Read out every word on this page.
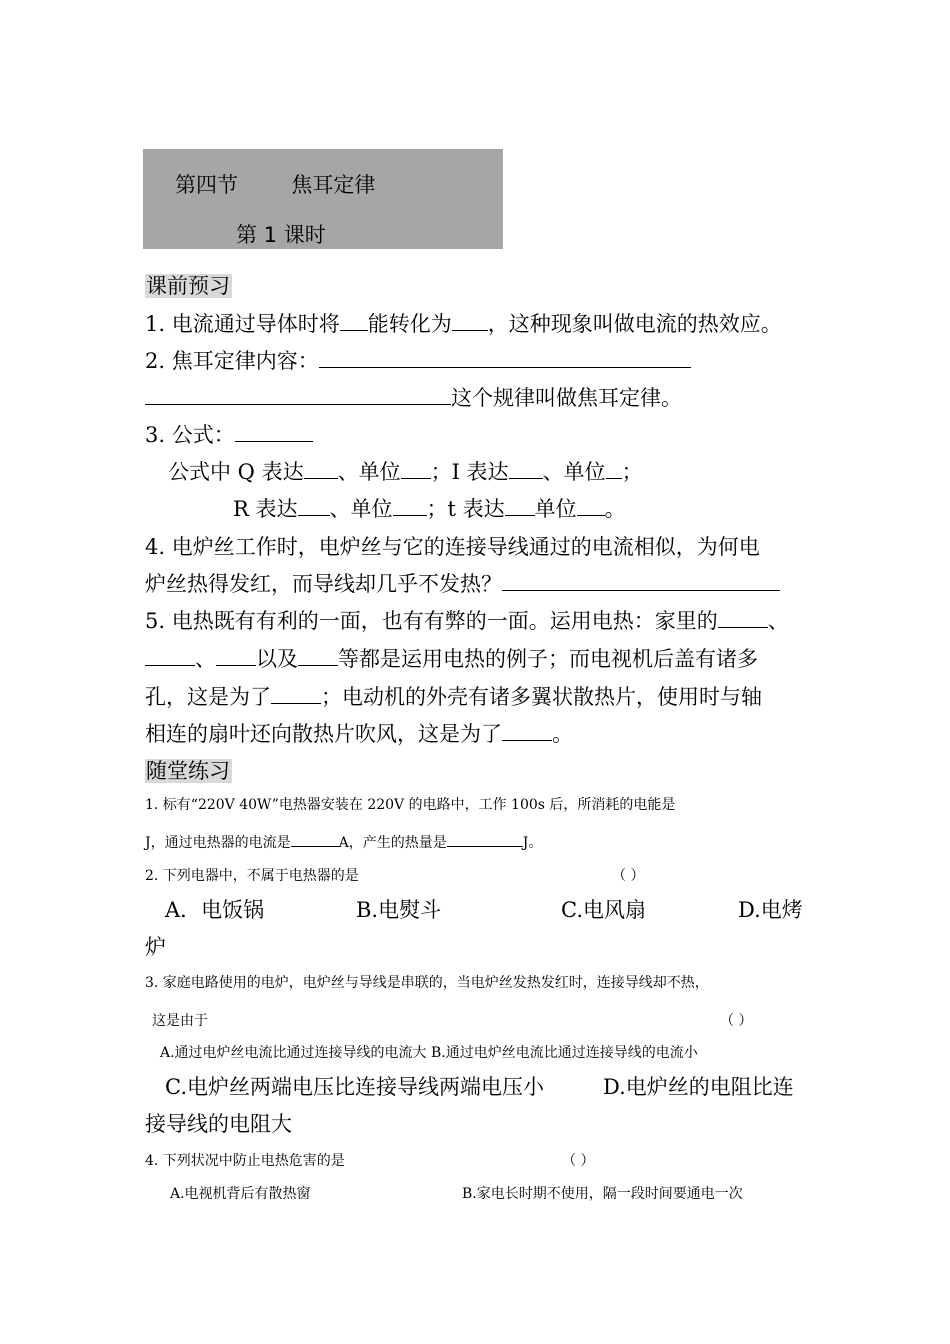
第四节        焦耳定律
第 1 课时
课前预习
1. 电流通过导体时将 能转化为 ，这种现象叫做电流的热效应。
2. 焦耳定律内容：
这个规律叫做焦耳定律。
3. 公式：
公式中 Q 表达 、单位 ；I 表达 、单位 ；
R 表达 、单位 ；t 表达 单位 。
4. 电炉丝工作时，电炉丝与它的连接导线通过的电流相似，为何电
炉丝热得发红，而导线却几乎不发热？
5. 电热既有有利的一面，也有有弊的一面。运用电热：家里的 、
、 以及 等都是运用电热的例子；而电视机后盖有诸多
孔，这是为了 ；电动机的外壳有诸多翼状散热片，使用时与轴
相连的扇叶还向散热片吹风，这是为了 。
随堂练习
1. 标有“220V 40W”电热器安装在 220V 的电路中，工作 100s 后，所消耗的电能是
J，通过电热器的电流是	A，产生的热量是	J。
2. 下列电器中，不属于电热器的是	（ ）
A．电饭锅	B.电熨斗	C.电风扇	D.电烤
炉
3. 家庭电路使用的电炉，电炉丝与导线是串联的，当电炉丝发热发红时，连接导线却不热，
这是由于	（ ）
A.通过电炉丝电流比通过连接导线的电流大 B.通过电炉丝电流比通过连接导线的电流小
C.电炉丝两端电压比连接导线两端电压小	D.电炉丝的电阻比连
接导线的电阻大
4. 下列状况中防止电热危害的是	（ ）
A.电视机背后有散热窗	B.家电长时期不使用，隔一段时间要通电一次
